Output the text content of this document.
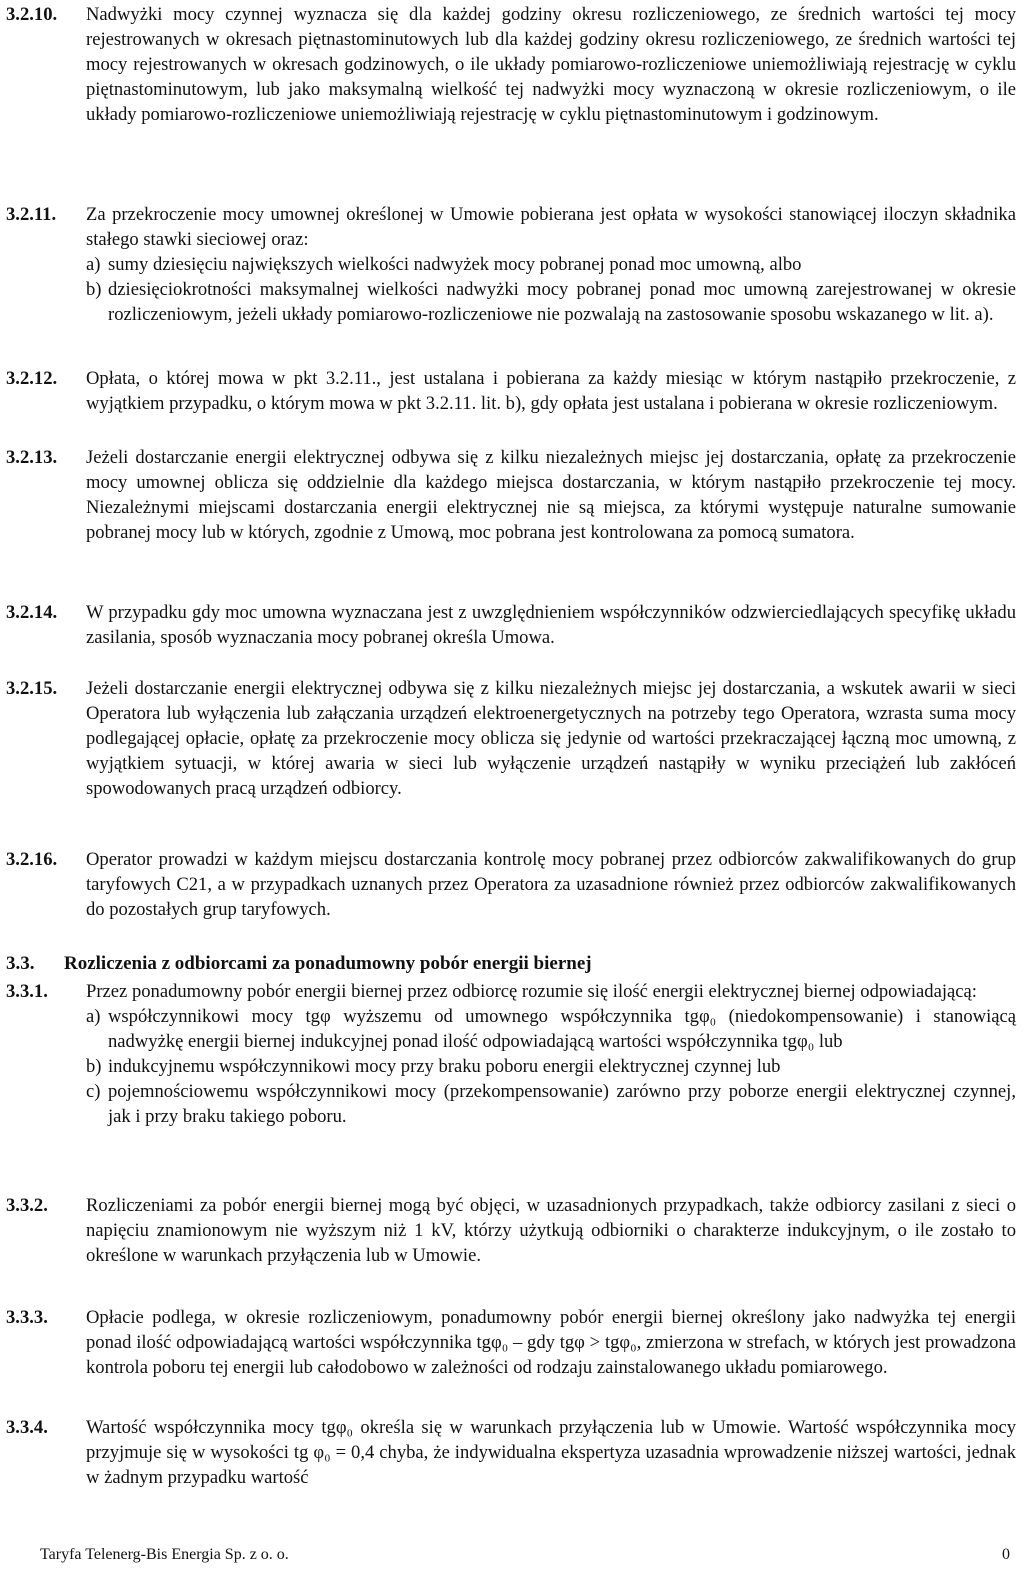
3.2.10.	Nadwyżki mocy czynnej wyznacza się dla każdej godziny okresu rozliczeniowego, ze średnich wartości tej mocy rejestrowanych w okresach piętnastominutowych lub dla każdej godziny okresu rozliczeniowego, ze średnich wartości tej mocy rejestrowanych w okresach godzinowych, o ile układy pomiarowo-rozliczeniowe uniemożliwiają rejestrację w cyklu piętnastominutowym, lub jako maksymalną wielkość tej nadwyżki mocy wyznaczoną w okresie rozliczeniowym, o ile układy pomiarowo-rozliczeniowe uniemożliwiają rejestrację w cyklu piętnastominutowym i godzinowym.
3.2.11.	Za przekroczenie mocy umownej określonej w Umowie pobierana jest opłata w wysokości stanowiącej iloczyn składnika stałego stawki sieciowej oraz:
a) sumy dziesięciu największych wielkości nadwyżek mocy pobranej ponad moc umowną, albo
b) dziesięciokrotności maksymalnej wielkości nadwyżki mocy pobranej ponad moc umowną zarejestrowanej w okresie rozliczeniowym, jeżeli układy pomiarowo-rozliczeniowe nie pozwalają na zastosowanie sposobu wskazanego w lit. a).
3.2.12.	Opłata, o której mowa w pkt 3.2.11., jest ustalana i pobierana za każdy miesiąc w którym nastąpiło przekroczenie, z wyjątkiem przypadku, o którym mowa w pkt 3.2.11. lit. b), gdy opłata jest ustalana i pobierana w okresie rozliczeniowym.
3.2.13.	Jeżeli dostarczanie energii elektrycznej odbywa się z kilku niezależnych miejsc jej dostarczania, opłatę za przekroczenie mocy umownej oblicza się oddzielnie dla każdego miejsca dostarczania, w którym nastąpiło przekroczenie tej mocy. Niezależnymi miejscami dostarczania energii elektrycznej nie są miejsca, za którymi występuje naturalne sumowanie pobranej mocy lub w których, zgodnie z Umową, moc pobrana jest kontrolowana za pomocą sumatora.
3.2.14.	W przypadku gdy moc umowna wyznaczana jest z uwzględnieniem współczynników odzwierciedlających specyfikę układu zasilania, sposób wyznaczania mocy pobranej określa Umowa.
3.2.15.	Jeżeli dostarczanie energii elektrycznej odbywa się z kilku niezależnych miejsc jej dostarczania, a wskutek awarii w sieci Operatora lub wyłączenia lub załączania urządzeń elektroenergetycznych na potrzeby tego Operatora, wzrasta suma mocy podlegającej opłacie, opłatę za przekroczenie mocy oblicza się jedynie od wartości przekraczającej łączną moc umowną, z wyjątkiem sytuacji, w której awaria w sieci lub wyłączenie urządzeń nastąpiły w wyniku przeciążeń lub zakłóceń spowodowanych pracą urządzeń odbiorcy.
3.2.16.	Operator prowadzi w każdym miejscu dostarczania kontrolę mocy pobranej przez odbiorców zakwalifikowanych do grup taryfowych C21, a w przypadkach uznanych przez Operatora za uzasadnione również przez odbiorców zakwalifikowanych do pozostałych grup taryfowych.
3.3.	Rozliczenia z odbiorcami za ponadumowny pobór energii biernej
3.3.1.	Przez ponadumowny pobór energii biernej przez odbiorcę rozumie się ilość energii elektrycznej biernej odpowiadającą:
a) współczynnikowi mocy tgφ wyższemu od umownego współczynnika tgφ₀ (niedokompensowanie) i stanowiącą nadwyżkę energii biernej indukcyjnej ponad ilość odpowiadającą wartości współczynnika tgφ₀ lub
b) indukcyjnemu współczynnikowi mocy przy braku poboru energii elektrycznej czynnej lub
c) pojemnościowemu współczynnikowi mocy (przekompensowanie) zarówno przy poborze energii elektrycznej czynnej, jak i przy braku takiego poboru.
3.3.2.	Rozliczeniami za pobór energii biernej mogą być objęci, w uzasadnionych przypadkach, także odbiorcy zasilani z sieci o napięciu znamionowym nie wyższym niż 1 kV, którzy użytkują odbiorniki o charakterze indukcyjnym, o ile zostało to określone w warunkach przyłączenia lub w Umowie.
3.3.3.	Opłacie podlega, w okresie rozliczeniowym, ponadumowny pobór energii biernej określony jako nadwyżka tej energii ponad ilość odpowiadającą wartości współczynnika tgφ₀ – gdy tgφ > tgφ₀, zmierzona w strefach, w których jest prowadzona kontrola poboru tej energii lub całodobowo w zależności od rodzaju zainstalowanego układu pomiarowego.
3.3.4.	Wartość współczynnika mocy tgφ₀ określa się w warunkach przyłączenia lub w Umowie. Wartość współczynnika mocy przyjmuje się w wysokości tg φ₀ = 0,4 chyba, że indywidualna ekspertyza uzasadnia wprowadzenie niższej wartości, jednak w żadnym przypadku wartość
Taryfa Telenerg-Bis Energia Sp. z o. o.	0
